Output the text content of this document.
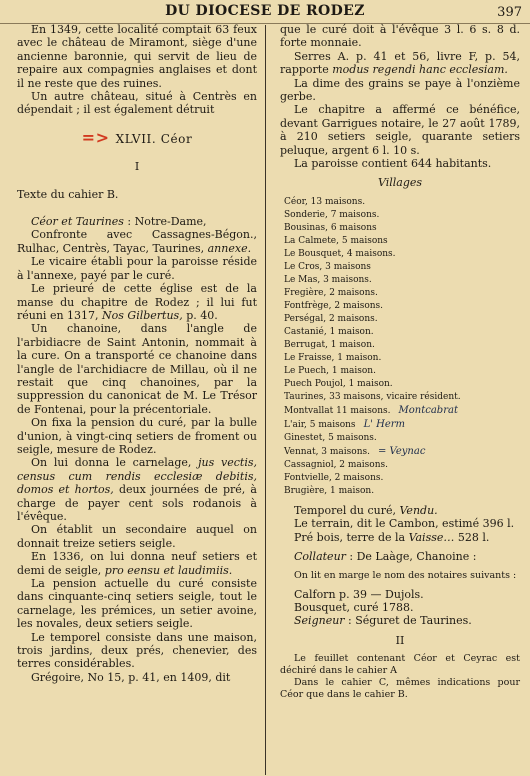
DU DIOCESE DE RODEZ	397

En 1349, cette localité comptait 63 feux avec le château de Miramont, siège d'une ancienne baronnie, qui servit de lieu de repaire aux compagnies anglaises et dont il ne reste que des ruines.

Un autre château, situé à Centrès en dépendait ; il est également détruit

=> XLVII. Céor

I

Texte du cahier B.

Céor et Taurines : Notre-Dame,

Confronte avec Cassagnes-Bégon., Rulhac, Centrès, Tayac, Taurines, annexe.

Le vicaire établi pour la paroisse réside à l'annexe, payé par le curé.

Le prieuré de cette église est de la manse du chapitre de Rodez ; il lui fut réuni en 1317, Nos Gilbertus, p. 40.

Un chanoine, dans l'angle de l'arbidiacre de Saint Antonin, nommait à la cure. On a transporté ce chanoine dans l'angle de l'archidiacre de Millau, où il ne restait que cinq chanoines, par la suppression du canonicat de M. Le Trésor de Fontenai, pour la précentoriale.

On fixa la pension du curé, par la bulle d'union, à vingt-cinq setiers de froment ou seigle, mesure de Rodez.

On lui donna le carnelage, jus vectis, census cum rendis ecclesiæ debitis, domos et hortos, deux journées de pré, à charge de payer cent sols rodanois à l'évêque.

On établit un secondaire auquel on donnait treize setiers seigle.

En 1336, on lui donna neuf setiers et demi de seigle, pro eensu et laudimiis.

La pension actuelle du curé consiste dans cinquante-cinq setiers seigle, tout le carnelage, les prémices, un setier avoine, les novales, deux setiers seigle.

Le temporel consiste dans une maison, trois jardins, deux prés, chenevier, des terres considérables.

Grégoire, No 15, p. 41, en 1409, dit

que le curé doit à l'évêque 3 l. 6 s. 8 d. forte monnaie.

Serres A. p. 41 et 56, livre F, p. 54, rapporte modus regendi hanc ecclesiam.

La dime des grains se paye à l'onzième gerbe.

Le chapitre a affermé ce bénéfice, devant Garrigues notaire, le 27 août 1789, à 210 setiers seigle, quarante setiers peluque, argent 6 l. 10 s.

La paroisse contient 644 habitants.

Villages

Céor, 13 maisons.
Sonderie, 7 maisons.
Bousinas, 6 maisons
La Calmete, 5 maisons
Le Bousquet, 4 maisons.
Le Cros, 3 maisons
Le Mas, 3 maisons.
Fregière, 2 maisons.
Fontfrège, 2 maisons.
Perségal, 2 maisons.
Castanié, 1 maison.
Berrugat, 1 maison.
Le Fraisse, 1 maison.
Le Puech, 1 maison.
Puech Poujol, 1 maison.
Taurines, 33 maisons, vicaire résident.
Montvallat 11 maisons. Montcabrat
L'air, 5 maisons L' Herm
Ginestet, 5 maisons.
Vennat, 3 maisons. = Veynac
Cassagniol, 2 maisons.
Fontvielle, 2 maisons.
Brugière, 1 maison.

Temporel du curé, Vendu.

Le terrain, dit le Cambon, estimé 396 l.

Pré bois, terre de la Vaisse… 528 l.

Collateur : De Laàge, Chanoine :

On lit en marge le nom des notaires suivants :

Calforn p. 39 — Dujols.

Bousquet, curé 1788.

Seigneur : Séguret de Taurines.

II

Le feuillet contenant Céor et Ceyrac est déchiré dans le cahier A

Dans le cahier C, mêmes indications pour Céor que dans le cahier B.
